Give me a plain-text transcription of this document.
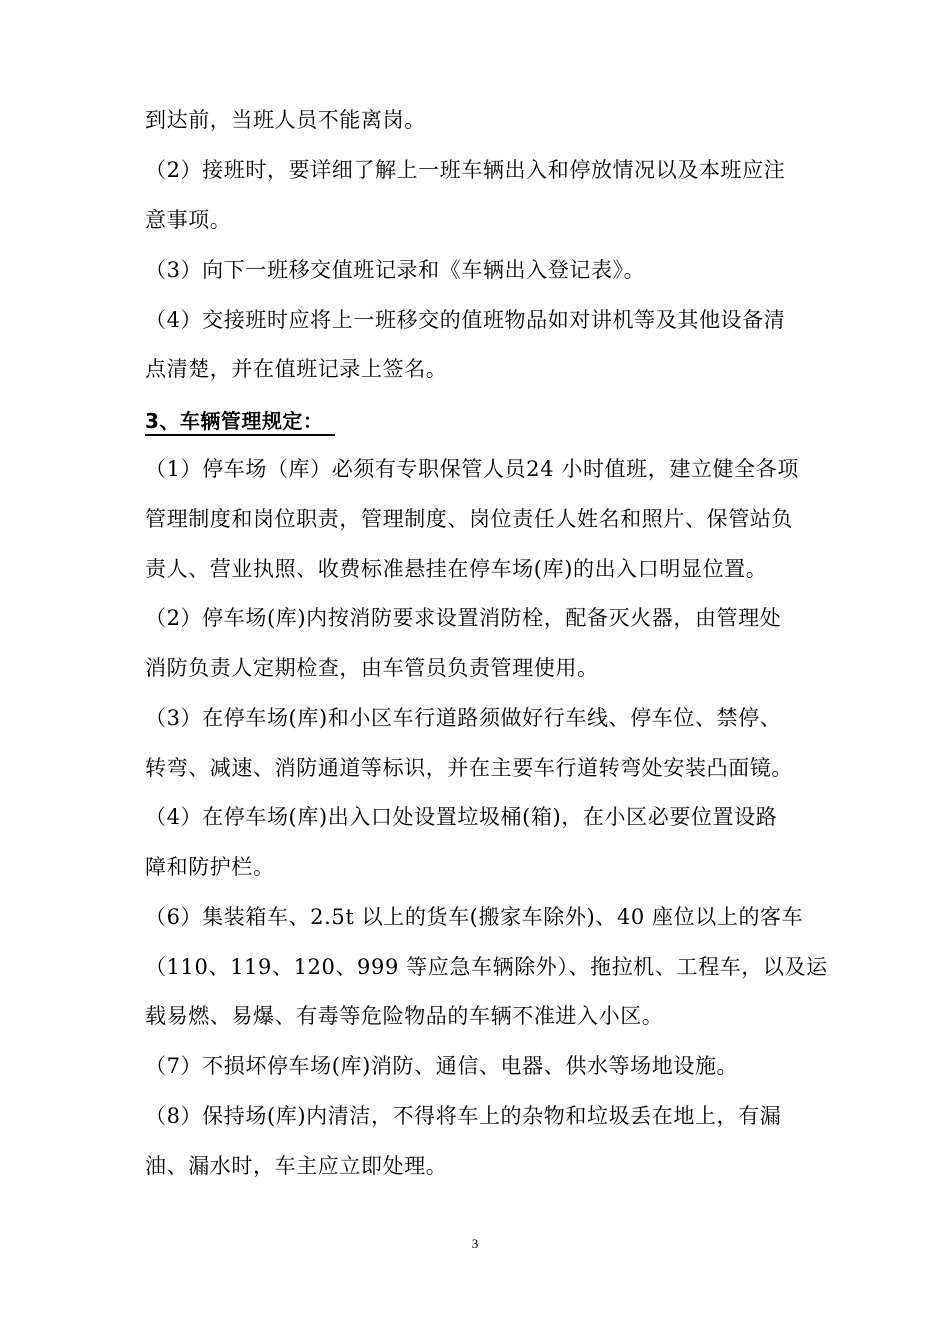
到达前，当班人员不能离岗。
（2）接班时，要详细了解上一班车辆出入和停放情况以及本班应注
意事项。
（3）向下一班移交值班记录和《车辆出入登记表》。
（4）交接班时应将上一班移交的值班物品如对讲机等及其他设备清
点清楚，并在值班记录上签名。
3、车辆管理规定：
（1）停车场（库）必须有专职保管人员24 小时值班，建立健全各项
管理制度和岗位职责，管理制度、岗位责任人姓名和照片、保管站负
责人、营业执照、收费标准悬挂在停车场(库)的出入口明显位置。
（2）停车场(库)内按消防要求设置消防栓，配备灭火器，由管理处
消防负责人定期检查，由车管员负责管理使用。
（3）在停车场(库)和小区车行道路须做好行车线、停车位、禁停、
转弯、减速、消防通道等标识，并在主要车行道转弯处安装凸面镜。
（4）在停车场(库)出入口处设置垃圾桶(箱)，在小区必要位置设路
障和防护栏。
（6）集装箱车、2.5t 以上的货车(搬家车除外)、40 座位以上的客车
（110、119、120、999 等应急车辆除外）、拖拉机、工程车，以及运
载易燃、易爆、有毒等危险物品的车辆不准进入小区。
（7）不损坏停车场(库)消防、通信、电器、供水等场地设施。
（8）保持场(库)内清洁，不得将车上的杂物和垃圾丢在地上，有漏
油、漏水时，车主应立即处理。
3
